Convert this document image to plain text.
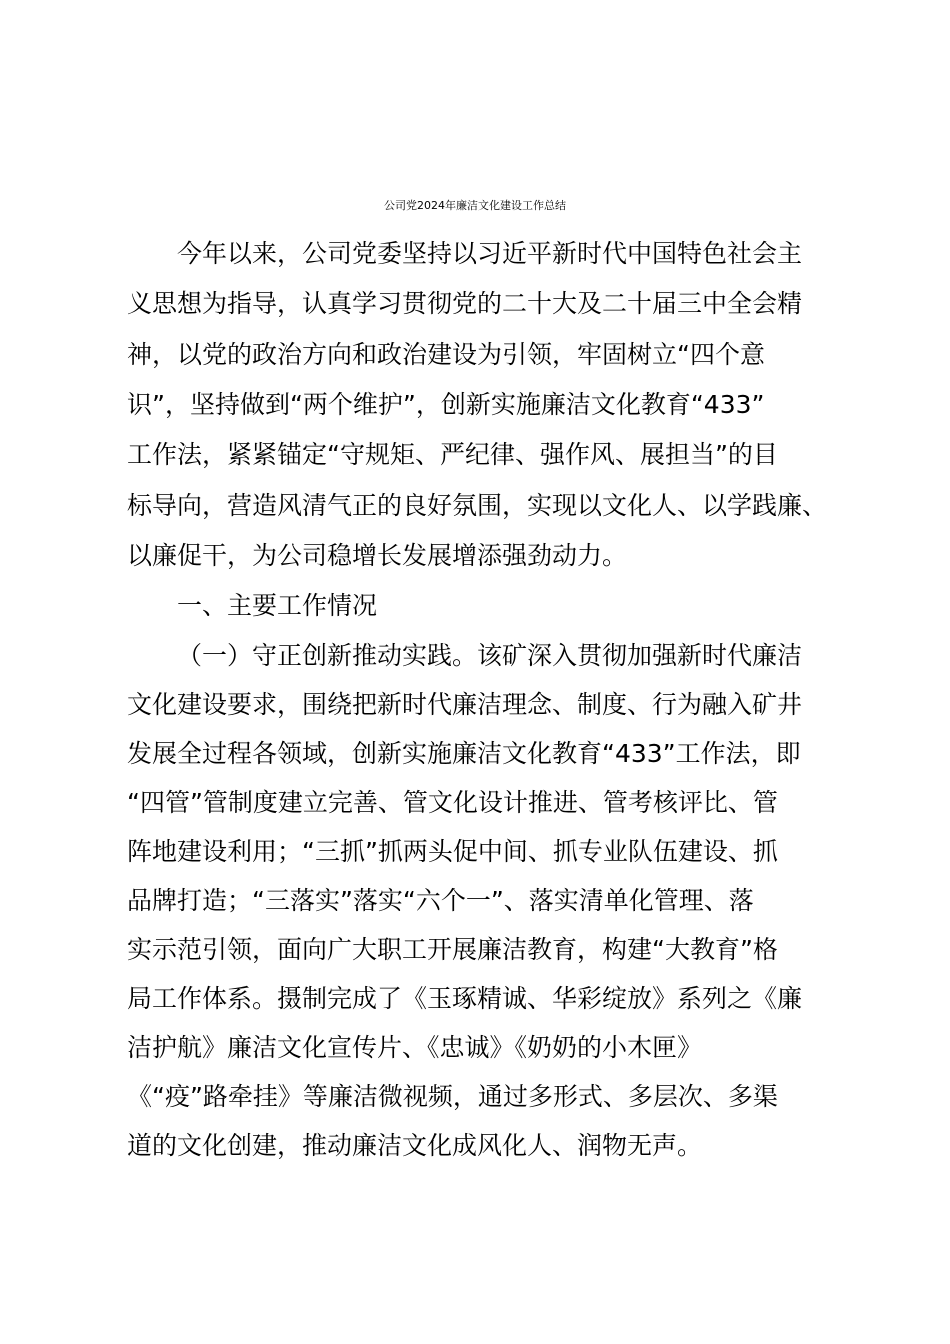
公司党2024年廉洁文化建设工作总结
今年以来，公司党委坚持以习近平新时代中国特色社会主
义思想为指导，认真学习贯彻党的二十大及二十届三中全会精
神，以党的政治方向和政治建设为引领，牢固树立“四个意
识”，坚持做到“两个维护”，创新实施廉洁文化教育“433”
工作法，紧紧锚定“守规矩、严纪律、强作风、展担当”的目
标导向，营造风清气正的良好氛围，实现以文化人、以学践廉、
以廉促干，为公司稳增长发展增添强劲动力。
一、主要工作情况
（一）守正创新推动实践。该矿深入贯彻加强新时代廉洁
文化建设要求，围绕把新时代廉洁理念、制度、行为融入矿井
发展全过程各领域，创新实施廉洁文化教育“433”工作法，即
“四管”管制度建立完善、管文化设计推进、管考核评比、管
阵地建设利用；“三抓”抓两头促中间、抓专业队伍建设、抓
品牌打造；“三落实”落实“六个一”、落实清单化管理、落
实示范引领，面向广大职工开展廉洁教育，构建“大教育”格
局工作体系。摄制完成了《玉琢精诚、华彩绽放》系列之《廉
洁护航》廉洁文化宣传片、《忠诚》《奶奶的小木匣》
《“疫”路牵挂》等廉洁微视频，通过多形式、多层次、多渠
道的文化创建，推动廉洁文化成风化人、润物无声。
